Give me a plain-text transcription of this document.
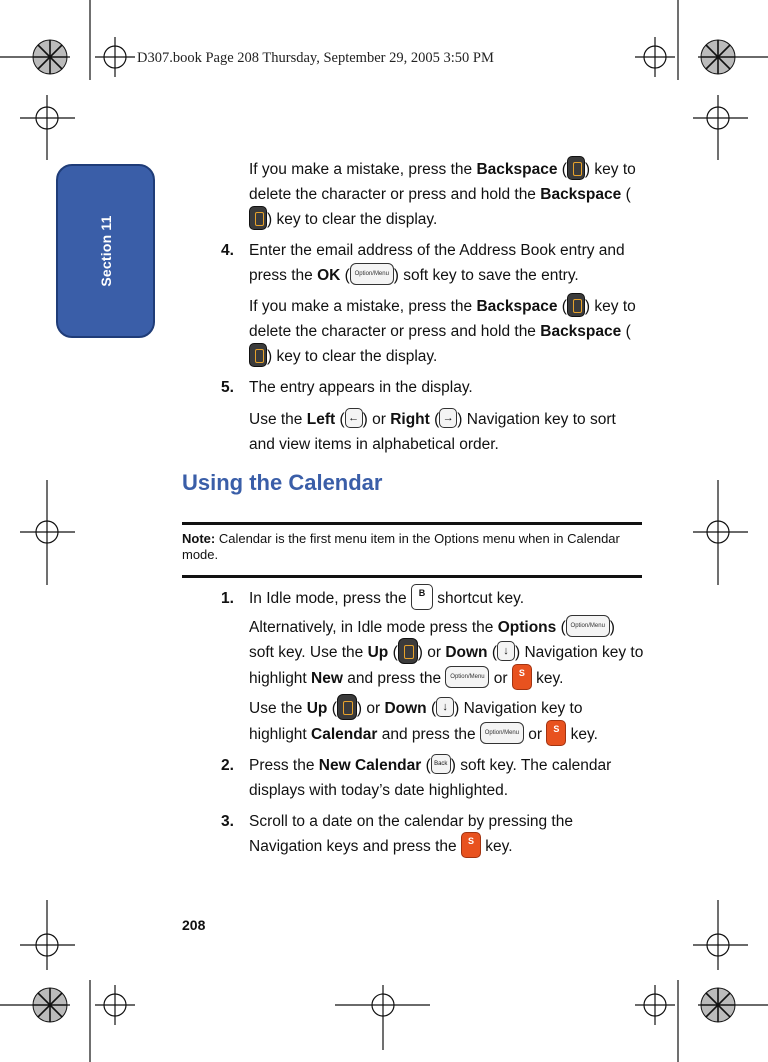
D307.book Page 208 Thursday, September 29, 2005 3:50 PM
Section 11
If you make a mistake, press the Backspace ( ) key to delete the character or press and hold the Backspace () key to clear the display.
4. Enter the email address of the Address Book entry and press the OK ( Option/Menu ) soft key to save the entry.
If you make a mistake, press the Backspace ( ) key to delete the character or press and hold the Backspace () key to clear the display.
5. The entry appears in the display.
Use the Left ( ← ) or Right ( → ) Navigation key to sort and view items in alphabetical order.
Using the Calendar
Note: Calendar is the first menu item in the Options menu when in Calendar mode.
1. In Idle mode, press the B shortcut key.
Alternatively, in Idle mode press the Options ( Option/Menu ) soft key. Use the Up ( ) or Down ( ↓ ) Navigation key to highlight New and press the Option/Menu or S key.
Use the Up ( ) or Down ( ↓ ) Navigation key to highlight Calendar and press the Option/Menu or S key.
2. Press the New Calendar ( Back ) soft key. The calendar displays with today’s date highlighted.
3. Scroll to a date on the calendar by pressing the Navigation keys and press the S key.
208
